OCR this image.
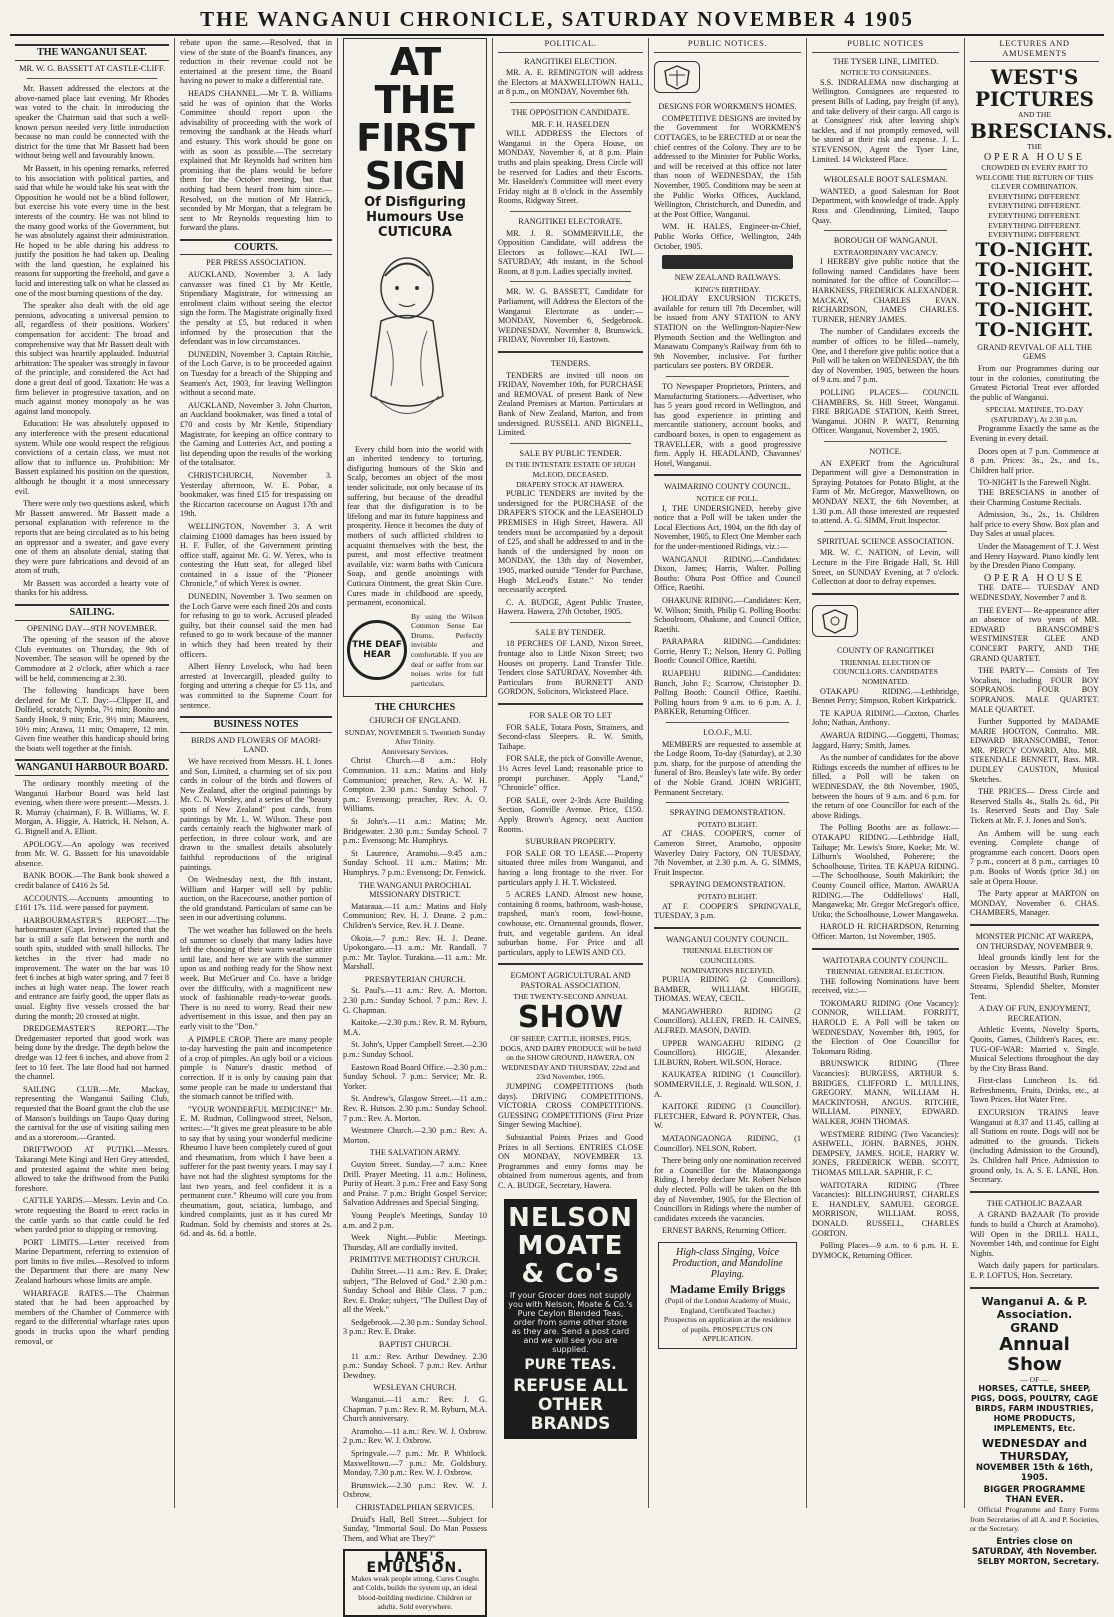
THE WANGANUI CHRONICLE, SATURDAY NOVEMBER 4 1905
THE WANGANUI SEAT.
MR. W. G. BASSETT AT CASTLE-CLIFF.

Mr. Bassett addressed the electors at the above-named place last evening. Mr Rhodes was voted to the chair. In introducing the speaker the Chairman said that such a well-known person needed very little introduction because no man could be connected with the district for the time that Mr Bassett had been without being well and favourably known.

Mr Bassett, in his opening remarks, referred to his association with political parties, and said that while he would take his seat with the Opposition he would not be a blind follower, but exercise his vote every time in the best interests of the country. He was not blind to the many good works of the Government, but he was absolutely against their administration. He hoped to be able during his address to justify the position he had taken up. Dealing with the land question, he explained his reasons for supporting the freehold, and gave a lucid and interesting talk on what he classed as one of the most burning questions of the day.

The speaker also dealt with the old age pensions, advocating a universal pension to all, regardless of their positions. Workers' compensation for accident: The broad and comprehensive way that Mr Bassett dealt with this subject was heartily applauded. Industrial arbitration: The speaker was strongly in favour of the principle, and considered the Act had done a great deal of good. Taxation: He was a firm believer in progressive taxation, and on much against money monopoly as he was against land monopoly.

Education: He was absolutely opposed to any interference with the present educational system. While one would respect the religious convictions of a certain class, we must not allow that to influence us. Prohibition: Mr Bassett explained his position on the question, although he thought it a most unnecessary evil.

There were only two questions asked, which Mr Bassett answered. Mr Bassett made a personal explanation with reference to the reports that are being circulated as to his being an oppressor and a sweater, and gave every one of them an absolute denial, stating that they were pure fabrications and devoid of an atom of truth.

Mr Bassett was accorded a hearty vote of thanks for his address.

SAILING.
OPENING DAY—9TH NOVEMBER.

The opening of the season of the above Club eventuates on Thursday, the 9th of November. The season will be opened by the Commodore at 2 o'clock, after which a race will be held, commencing at 2.30.

The following handicaps have been declared for Mr C.T. Day:—Clipper II, and Dolfield, scratch; Nymba, 7½ min; Bonito and Sandy Hook, 9 min; Eric, 9½ min; Maureen, 10½ min; Arawa, 11 min; Omapere, 12 min. Given fine weather this handicap should bring the boats well together at the finish.

WANGANUI HARBOUR BOARD.

The ordinary monthly meeting of the Wanganui Harbour Board was held last evening, when there were present:—Messrs. J. R. Murray (chairman), F. B. Williams, W. F. Morgan, A. Higgie, A. Hatrick, H. Nelson, A. G. Bignell and A. Elliott.

APOLOGY.—An apology was received from Mr. W. G. Bassett for his unavoidable absence.

BANK BOOK.—The Bank book showed a credit balance of £416 2s 5d.

ACCOUNTS.—Accounts amounting to £161 17s. 11d. were passed for payment.

HARBOURMASTER'S REPORT.—The harbourmaster (Capt. Irvine) reported that the bar is still a safe flat between the north and south spits, studded with small hillocks. The ketches in the river had made no improvement. The water on the bar was 10 feet 6 inches at high water spring, and 7 feet 8 inches at high water neap. The lower reach and entrance are fairly good, the upper flats as usual. Eighty five vessels crossed the bar during the month; 20 crossed at night.

DREDGEMASTER'S REPORT.—The Dredgemaster reported that good work was being done by the dredge. The depth below the dredge was 12 feet 6 inches, and above from 2 feet to 10 feet. The late flood had not harmed the channel.

SAILING CLUB.—Mr. Mackay, representing the Wanganui Sailing Club, requested that the Board grant the club the use of Manson's buildings on Taupo Quay during the carnival for the use of visiting sailing men and as a storeroom.—Granted.

DRIFTWOOD AT PUTIKI.—Messrs. Takarangi Mete Kingi and Heri Grey attended, and protested against the white men being allowed to take the driftwood from the Putiki foreshore.

CATTLE YARDS.—Messrs. Levin and Co. wrote requesting the Board to erect racks in the cattle yards so that cattle could be fed when yarded prior to shipping or removing.

PORT LIMITS.—Letter received from Marine Department, referring to extension of port limits to five miles.—Resolved to inform the Department that there are many New Zealand harbours whose limits are ample.

WHARFAGE RATES.—The Chairman stated that he had been approached by members of the Chamber of Commerce with regard to the differential wharfage rates upon goods in trucks upon the wharf pending removal, or

rebate upon the same.—Resolved, that in view of the state of the Board's finances, any reduction in their revenue could not be entertained at the present time, the Board having no power to make a differential rate.

HEADS CHANNEL.—Mr T. B. Williams said he was of opinion that the Works Committee should report upon the advisability of proceeding with the work of removing the sandbank at the Heads wharf and estuary. This work should be gone on with as soon as possible.—The secretary explained that Mr Reynolds had written him promising that the plans would be before them for the October meeting, but that nothing had been heard from him since.—Resolved, on the motion of Mr Hatrick, seconded by Mr Morgan, that a telegram be sent to Mr Reynolds requesting him to forward the plans.

COURTS.
PER PRESS ASSOCIATION.

AUCKLAND, November 3. A lady canvasser was fined £1 by Mr Kettle, Stipendiary Magistrate, for witnessing an enrolment claim without seeing the elector sign the form. The Magistrate originally fixed the penalty at £5, but reduced it when informed by the prosecution that the defendant was in low circumstances.

DUNEDIN, November 3. Captain Ritchie, of the Loch Garve, is to be proceeded against on Tuesday for a breach of the Shipping and Seamen's Act, 1903, for leaving Wellington without a second mate.

AUCKLAND, November 3. John Churton, an Auckland bookmaker, was fined a total of £70 and costs by Mr Kettle, Stipendiary Magistrate, for keeping an office contrary to the Gaming and Lotteries Act, and posting a list depending upon the results of the working of the totalisator.

CHRISTCHURCH, November 3. Yesterday afternoon, W. E. Pobar, a bookmaker, was fined £15 for trespassing on the Riccarton racecourse on August 17th and 19th.

WELLINGTON, November 3. A writ claiming £1000 damages has been issued by H. F. Fuller, of the Government printing office staff, against Mr. G. W. Yerex, who is contesting the Hutt seat, for alleged libel contained in a issue of the "Pioneer Chronicle," of which Yerex is owner.

DUNEDIN, November 3. Two seamen on the Loch Garve were each fined 20s and costs for refusing to go to work. Accused pleaded guilty, but their counsel said the men had refused to go to work because of the manner in which they had been treated by their officers.

Albert Henry Lovelock, who had been arrested at Invercargill, pleaded guilty to forging and uttering a cheque for £5 11s, and was committed to the Supreme Court for sentence.

BUSINESS NOTES
BIRDS AND FLOWERS OF MAORI-LAND.

We have received from Messrs. H. I. Jones and Son, Limited, a charming set of six post cards in colour of the birds and flowers of New Zealand, after the original paintings by Mr. C. N. Worsley, and a series of the "beauty spots of New Zealand" post cards, from paintings by Mr. L. W. Wilson. These post cards certainly reach the highwater mark of perfection, in three colour work, and are drawn to the smallest details absolutely faithful reproductions of the original paintings.

On Wednesday next, the 8th instant, William and Harper will sell by public auction, on the Racecourse, another portion of the old grandstand. Particulars of same can be seen in our advertising columns.

The wet weather has followed on the heels of summer so closely that many ladies have left the choosing of their warm weather attire until late, and here we are with the summer upon us and nothing ready for the Show next week. But McGruer and Co. have a bridge over the difficulty, with a magnificent new stock of fashionable ready-to-wear goods. There is no need to worry. Read their new advertisement in this issue, and then pay an early visit to the "Don."

A PIMPLE CROP. There are many people to-day harvesting the pain and incompetence of a crop of pimples. An ugly boil or a vicious pimple is Nature's drastic method of correction. If it is only by causing pain that some people can be made to understand that the stomach cannot be trifled with.

"YOUR WONDERFUL MEDICINE!" Mr. E. M. Rudman, Collingwood street, Nelson, writes:—"It gives me great pleasure to be able to say that by using your wonderful medicine Rheumo I have been completely cured of gout and rheumatism, from which I have been a sufferer for the past twenty years. I may say I have not had the slightest symptoms for the last two years, and feel confident it is a permanent cure." Rheumo will cure you from rheumatism, gout, sciatica, lumbago, and kindred complaints, just as it has cured Mr Rudman. Sold by chemists and stores at 2s. 6d. and 4s. 6d. a bottle.

AT THE FIRST SIGN
Of Disfiguring Humours Use CUTICURA

Every child born into the world with an inherited tendency to torturing, disfiguring humours of the Skin and Scalp, becomes an object of the most tender solicitude, not only because of its suffering, but because of the dreadful fear that the disfiguration is to be lifelong and mar its future happiness and prosperity. Hence it becomes the duty of mothers of such afflicted children to acquaint themselves with the best, the purest, and most effective treatment available, viz: warm baths with Cuticura Soap, and gentle anointings with Cuticura Ointment, the great Skin Cure. Cures made in childhood are speedy, permanent, economical.

THE DEAF HEAR
By using the Wilson Common Sense Ear Drums. Perfectly invisible and comfortable. If you are deaf or suffer from ear noises write for full particulars.
THE CHURCHES
CHURCH OF ENGLAND.
SUNDAY, NOVEMBER 5. Twentieth Sunday After Trinity.
Anniversary Services.

Christ Church.—8 a.m.: Holy Communion. 11 a.m.: Matins and Holy Communion; preacher, Rev. A. W. H. Compton. 2.30 p.m.: Sunday School. 7 p.m.: Evensong; preacher, Rev. A. O. Williams.

St John's.—11 a.m.: Matins; Mr. Bridgewater. 2.30 p.m.: Sunday School. 7 p.m.: Evensong; Mr. Humphrys.

St Laurence, Aramoho.—9.45 a.m.: Sunday School. 11 a.m.: Matins; Mr. Humphrys. 7 p.m.: Evensong; Dr. Fenwick.

THE WANGANUI PAROCHIAL MISSIONARY DISTRICT.

Mataraua.—11 a.m.: Matins and Holy Communion; Rev. H. J. Deane. 2 p.m.: Children's Service, Rev. H. J. Deane.

Okoia.—7 p.m.: Rev. H. J. Deane. Upokongaro.—11 a.m.: Mr. Randall. 7 p.m.: Mr. Taylor. Turakina.—11 a.m.: Mr. Marshall.

PRESBYTERIAN CHURCH.

St. Paul's.—11 a.m.: Rev. A. Morton. 2.30 p.m.: Sunday School. 7 p.m.: Rev. J. G. Chapman.

Kaitoke.—2.30 p.m.: Rev. R. M. Ryburn, M.A.

St. John's, Upper Campbell Street.—2.30 p.m.: Sunday School.

Eastown Road Board Office.—2.30 p.m.: Sunday School. 7 p.m.: Service; Mr. R. Yorker.

St. Andrew's, Glasgow Street.—11 a.m.: Rev. R. Hutson. 2.30 p.m.: Sunday School. 7 p.m.: Rev. A. Morton.

Westmere Church.—2.30 p.m.: Rev. A. Morton.

THE SALVATION ARMY.

Guyton Street. Sunday.—7 a.m.: Knee Drill. Prayer Meeting. 11 a.m.: Holiness, Purity of Heart. 3 p.m.: Free and Easy Song and Praise. 7 p.m.: Bright Gospel Service; Salvation Addresses and Special Singing.

Young People's Meetings, Sunday 10 a.m. and 2 p.m.

Week Night.—Public Meetings. Thursday, All are cordially invited.

PRIMITIVE METHODIST CHURCH.

Dublin Street.—11 a.m.: Rev. E. Drake; subject, "The Beloved of God." 2.30 p.m.: Sunday School and Bible Class. 7 p.m.: Rev. E. Drake; subject, "The Dullest Day of all the Week."

Sedgebrook.—2.30 p.m.: Sunday School. 3 p.m.: Rev. E. Drake.

BAPTIST CHURCH.

11 a.m.: Rev. Arthur Dewdney. 2.30 p.m.: Sunday School. 7 p.m.: Rev. Arthur Dewdney.

WESLEYAN CHURCH.

Wanganui.—11 a.m.: Rev. J. G. Chapman. 7 p.m.: Rev. R. M. Ryburn, M.A. Church anniversary.

Aramoho.—11 a.m.: Rev. W. J. Oxbrow. 2 p.m.: Rev. W. J. Oxbrow.

Springvale.—7 p.m.: Mr. P. Whitlock. Maxwelltown.—7 p.m.: Mr. Goldsbury. Monday, 7.30 p.m.: Rev. W. J. Oxbrow.

Brunswick.—2.30 p.m.: Rev. W. J. Oxbrow.

CHRISTADELPHIAN SERVICES.

Druid's Hall, Bell Street.—Subject for Sunday, "Immortal Soul. Do Man Possess Them, and What are They?"

LANE'S EMULSION.
Makes weak people strong. Cures Coughs and Colds, builds the system up, an ideal blood-building medicine. Children or adults. Sold everywhere.
POLITICAL.
RANGITIKEI ELECTION.

MR. A. E. REMINGTON will address the Electors at MAXWELLTOWN HALL, at 8 p.m., on MONDAY, November 6th.

THE OPPOSITION CANDIDATE.
MR. F. H. HASELDEN

WILL ADDRESS the Electors of Wanganui in the Opera House, on MONDAY, November 6, at 8 p.m. Plain truths and plain speaking. Dress Circle will be reserved for Ladies and their Escorts. Mr. Haselden's Committee will meet every Friday night at 8 o'clock in the Assembly Rooms, Ridgway Street.

RANGITIKEI ELECTORATE.

MR. J. R. SOMMERVILLE, the Opposition Candidate, will address the Electors as follows:—KAI IWI.—SATURDAY, 4th instant, in the School Room, at 8 p.m. Ladies specially invited.

MR. W. G. BASSETT, Candidate for Parliament, will Address the Electors of the Wanganui Electorate as under:—MONDAY, November 6, Sedgebrook. WEDNESDAY, November 8, Brunswick. FRIDAY, November 10, Eastown.

TENDERS.

TENDERS are invited till noon on FRIDAY, November 10th, for PURCHASE and REMOVAL of present Bank of New Zealand Premises at Marton. Particulars at Bank of New Zealand, Marton, and from undersigned. RUSSELL AND BIGNELL, Limited.

SALE BY PUBLIC TENDER.
IN THE INTESTATE ESTATE OF HUGH McLEOD, DECEASED.
DRAPERY STOCK AT HAWERA.

PUBLIC TENDERS are invited by the undersigned for the PURCHASE of the DRAPER'S STOCK and the LEASEHOLD PREMISES in High Street, Hawera. All tenders must be accompanied by a deposit of £25, and shall be addressed to and in the hands of the undersigned by noon on MONDAY, the 13th day of November, 1905, marked outside "Tender for Purchase, Hugh McLeod's Estate." No tender necessarily accepted.

C. A. BUDGE, Agent Public Trustee, Hawera. Hawera, 27th October, 1905.

SALE BY TENDER.

18 PERCHES OF LAND, Nixon Street, frontage also to Little Nixon Street; two Houses on property. Land Transfer Title. Tenders close SATURDAY, November 4th. Particulars from BURNETT AND GORDON, Solicitors, Wicksteed Place.

FOR SALE OR TO LET

FOR SALE, Totara Posts, Strainers, and Second-class Sleepers. R. W. Smith, Taihape.

FOR SALE, the pick of Gonville Avenue, 1½ Acres level Land; reasonable price to prompt purchaser. Apply "Land," "Chronicle" office.

FOR SALE, over 2-3rds Acre Building Section, Gonville Avenue. Price, £150. Apply Brown's Agency, next Auction Rooms.

SUBURBAN PROPERTY.

FOR SALE OR TO LEASE.—Property situated three miles from Wanganui, and having a long frontage to the river. For particulars apply J. H. T. Wicksteed.

5 ACRES LAND. Almost new house, containing 8 rooms, bathroom, wash-house, trapshed, man's room, fowl-house, cowhouse, etc. Ornamental grounds, flower, fruit, and vegetable gardens. An ideal suburban home. For Price and all particulars, apply to LEWIS AND CO.

EGMONT AGRICULTURAL AND PASTORAL ASSOCIATION.
THE TWENTY-SECOND ANNUAL
SHOW
OF SHEEP, CATTLE, HORSES, PIGS, DOGS, AND DAIRY PRODUCE will be held on the SHOW GROUND, HAWERA, ON WEDNESDAY AND THURSDAY, 22nd and 23rd November, 1905.

JUMPING COMPETITIONS (both days). DRIVING COMPETITIONS. VICTORIA CROSS COMPETITIONS. GUESSING COMPETITIONS (First Prize Singer Sewing Machine).

Substantial Points Prizes and Good Prizes in all Sections. ENTRIES CLOSE ON MONDAY, NOVEMBER 13. Programmes and entry forms may be obtained from numerous agents, and from C. A. BUDGE, Secretary, Hawera.

NELSON MOATE & Co's
If your Grocer does not supply you with Nelson, Moate & Co.'s Pure Ceylon Blended Teas, order from some other store as they are. Send a post card and we will see you are supplied.
PURE TEAS.
REFUSE ALL OTHER BRANDS
PUBLIC NOTICES.
DESIGNS FOR WORKMEN'S HOMES.

COMPETITIVE DESIGNS are invited by the Government for WORKMEN'S COTTAGES, to be ERECTED at or near the chief centres of the Colony. They are to be addressed to the Minister for Public Works, and will be received at this office not later than noon of WEDNESDAY, the 15th November, 1905. Conditions may be seen at the Public Works Offices, Auckland, Wellington, Christchurch, and Dunedin, and at the Post Office, Wanganui.

WM. H. HALES, Engineer-in-Chief, Public Works Office, Wellington, 24th October, 1905.

NEW ZEALAND RAILWAYS.
KING'S BIRTHDAY.

HOLIDAY EXCURSION TICKETS, available for return till 7th December, will be issued from ANY STATION to ANY STATION on the Wellington-Napier-New Plymouth Section and the Wellington and Manawatu Company's Railway from 6th to 9th November, inclusive. For further particulars see posters. BY ORDER.

TO Newspaper Proprietors, Printers, and Manufacturing Stationers.—Advertiser, who has 5 years good record in Wellington, and has good experience in printing and mercantile stationery, account books, and cardboard boxes, is open to engagement as TRAVELLER, with a good progressive firm. Apply H. HEADLAND, Chavannes' Hotel, Wanganui.

WAIMARINO COUNTY COUNCIL.
NOTICE OF POLL.

I, THE UNDERSIGNED, hereby give notice that a Poll will be taken under the Local Elections Act, 1904, on the 8th day of November, 1905, to Elect One Member each for the under-mentioned Ridings, viz.:—

WANGANUI RIDING.—Candidates: Dixon, James; Harris, Walter. Polling Booths: Ohura Post Office and Council Office, Raetihi.

OHAKUNE RIDING.—Candidates: Kerr, W. Wilson; Smith, Philip G. Polling Booths: Schoolroom, Ohakune, and Council Office, Raetihi.

PARAPARA RIDING.—Candidates: Corrie, Henry T.; Nelson, Henry G. Polling Booth: Council Office, Raetihi.

RUAPEHU RIDING.—Candidates: Bunch, John F.; Scarrow, Christopher D. Polling Booth: Council Office, Raetihi. Polling hours from 9 a.m. to 6 p.m. A. J. PARKER, Returning Officer.

I.O.O.F., M.U.

MEMBERS are requested to assemble at the Lodge Room, To-day (Saturday), at 2.30 p.m. sharp, for the purpose of attending the funeral of Bro. Beasley's late wife. By order of the Noble Grand. JOHN WRIGHT, Permanent Secretary.

SPRAYING DEMONSTRATION.
POTATO BLIGHT.

AT CHAS. COOPER'S, corner of Cameron Street, Aramoho, opposite Waverley Dairy Factory, ON TUESDAY, 7th November, at 2.30 p.m. A. G. SIMMS, Fruit Inspector.

SPRAYING DEMONSTRATION.
POTATO BLIGHT.

AT F. COOPER'S SPRINGVALE, TUESDAY, 3 p.m.

WANGANUI COUNTY COUNCIL.
TRIENNIAL ELECTION OF COUNCILLORS.
NOMINATIONS RECEIVED.

PURUA RIDING (2 Councillors). BAMBER, WILLIAM. HIGGIE, THOMAS. WEAY, CECIL.

MANGAWHERO RIDING (2 Councillors). ALLEN, FRED. H. CAINES, ALFRED. MASON, DAVID.

UPPER WANGAEHU RIDING (2 Councillors). HIGGIE, Alexander. LILBURN, Robert. WILSON, Horace.

KAUKATEA RIDING (1 Councillor). SOMMERVILLE, J. Reginald. WILSON, J. A.

KAITOKE RIDING (1 Councillor). FLETCHER, Edward R. POYNTER, Chas. W.

MATAONGAONGA RIDING, (1 Councillor). NELSON, Robert.

There being only one nomination received for a Councillor for the Mataongaonga Riding, I hereby declare Mr. Robert Nelson duly elected. Polls will be taken on the 8th day of November, 1905, for the Election of Councillors in Ridings where the number of candidates exceeds the vacancies.

ERNEST BARNS, Returning Officer.

High-class Singing, Voice Production, and Mandoline Playing.
Madame Emily Briggs
(Pupil of the London Academy of Music, England, Certificated Teacher.) Prospectus on application at the residence of pupils. PROSPECTUS ON APPLICATION.
PUBLIC NOTICES
THE TYSER LINE, LIMITED.
NOTICE TO CONSIGNEES.

S.S. INDRALEMA now discharging at Wellington. Consignees are requested to present Bills of Lading, pay freight (if any), and take delivery of their cargo. All cargo is at Consignees' risk after leaving ship's tackles, and if not promptly removed, will be stored at their risk and expense. J. L. STEVENSON, Agent the Tyser Line, Limited. 14 Wicksteed Place.

WHOLESALE BOOT SALESMAN.

WANTED, a good Salesman for Boot Department, with knowledge of trade. Apply Ross and Glendinning, Limited, Taupo Quay.

BOROUGH OF WANGANUI.
EXTRAORDINARY VACANCY.

I HEREBY give public notice that the following named Candidates have been nominated for the office of Councillor:— HARKNESS, FREDERICK ALEXANDER. MACKAY, CHARLES EVAN. RICHARDSON, JAMES CHARLES. TURNER, HENRY JAMES.

The number of Candidates exceeds the number of offices to be filled—namely, One, and I therefore give public notice that a Poll will be taken on WEDNESDAY, the 8th day of November, 1905, between the hours of 9 a.m. and 7 p.m.

POLLING PLACES— COUNCIL CHAMBERS, St. Hill Street, Wanganui. FIRE BRIGADE STATION, Keith Street, Wanganui. JOHN P. WATT, Returning Officer. Wanganui, November 2, 1905.

NOTICE.

AN EXPERT from the Agricultural Department will give a Demonstration in Spraying Potatoes for Potato Blight, at the Farm of Mr. McGregor, Maxwelltown, on MONDAY NEXT, the 6th November, at 1.30 p.m. All those interested are requested to attend. A. G. SIMM, Fruit Inspector.

SPIRITUAL SCIENCE ASSOCIATION.

MR. W. C. NATION, of Levin, will Lecture in the Fire Brigade Hall, St. Hill Street, on SUNDAY Evening, at 7 o'clock. Collection at door to defray expenses.

COUNTY OF RANGITIKEI
TRIENNIAL ELECTION OF COUNCILLORS. CANDIDATES NOMINATED.

OTAKAPU RIDING.—Lethbridge, Bennet Perry; Simpson, Robert Kirkpatrick.

TE KAPUA RIDING.—Caxton, Charles John; Nathan, Anthony.

AWARUA RIDING.—Goggetti, Thomas; Jaggard, Harry; Smith, James.

As the number of candidates for the above Ridings exceeds the number of offices to be filled, a Poll will be taken on WEDNESDAY, the 8th November, 1905, between the hours of 9 a.m. and 6 p.m. for the return of one Councillor for each of the above Ridings.

The Polling Booths are as follows:—OTAKAPU RIDING.—Lethbridge Hall, Taihape; Mr. Lewis's Store, Koeke; Mr. W. Lilburn's Woolshed, Poherere; the Schoolhouse, Tiritea. TE KAPUA RIDING.—The Schoolhouse, South Makirikiri; the County Council office, Marton. AWARUA RIDING.—The Oddfellows' Hall, Mangaweka; Mr. Gregor McGregor's office, Utiku; the Schoolhouse, Lower Mangaweka.

HAROLD H. RICHARDSON, Returning Officer. Marton, 1st November, 1905.

WAITOTARA COUNTY COUNCIL.
TRIENNIAL GENERAL ELECTION.

THE following Nominations have been received, viz.:—

TOKOMARU RIDING (One Vacancy): CONNOR, WILLIAM. FORRITT, HAROLD E. A Poll will be taken on WEDNESDAY, November 8th, 1905, for the Election of One Councillor for Tokomaru Riding.

BRUNSWICK RIDING (Three Vacancies): BURGESS, ARTHUR S. BRIDGES, CLIFFORD L. MULLINS, GREGORY. MANN, WILLIAM H. MACKINTOSH, ANGUS. RITCHIE, WILLIAM. PINNEY, EDWARD. WALKER, JOHN THOMAS.

WESTMERE RIDING (Two Vacancies): ASHWELL, JOHN. BARNES, JOHN. DEMPSEY, JAMES. HOLE, HARRY W. JONES, FREDERICK WEBB. SCOTT, THOMAS MILLAR. SAPHIR, F. C.

WAITOTARA RIDING (Three Vacancies): BILLINGHURST, CHARLES E. HANDLEY, SAMUEL GEORGE. MORRISON, WILLIAM. ROSS, DONALD. RUSSELL, CHARLES GORTON.

Polling Places—9 a.m. to 6 p.m. H. E. DYMOCK, Returning Officer.

LECTURES AND AMUSEMENTS
WEST'S
PICTURES
AND THE
BRESCIANS.
THE
OPERA HOUSE
CROWDED IN EVERY PART TO WELCOME THE RETURN OF THIS CLEVER COMBINATION.
EVERYTHING DIFFERENT.
EVERYTHING DIFFERENT.
EVERYTHING DIFFERENT.
EVERYTHING DIFFERENT.
EVERYTHING DIFFERENT.
TO-NIGHT.
TO-NIGHT.
TO-NIGHT.
TO-NIGHT.
TO-NIGHT.
GRAND REVIVAL OF ALL THE GEMS

From our Programmes during our tour in the colonies, constituting the Greatest Pictorial Treat ever afforded the public of Wanganui.

SPECIAL MATINEE, TO-DAY (SATURDAY), At 2.30 p.m.

Programme Exactly the same as the Evening in every detail.

Doors open at 7 p.m. Commence at 8 p.m. Prices: 3s., 2s., and 1s., Children half price.

TO-NIGHT Is the Farewell Night.

THE BRESCIANS in another of their Charming Costume Recitals.

Admission, 3s., 2s., 1s. Children half price to every Show. Box plan and Day Sales at usual places.

Under the Management of T. J. West and Henry Hayward. Piano kindly lent by the Dresden Piano Company.

OPERA HOUSE

THE DATE— TUESDAY AND WEDNESDAY, November 7 and 8.

THE EVENT— Re-appearance after an absence of two years of MR. EDWARD BRANSCOMBE'S WESTMINSTER GLEE AND CONCERT PARTY, AND THE GRAND QUARTET.

THE PARTY— Consists of Ten Vocalists, including FOUR BOY SOPRANOS. FOUR BOY SOPRANOS. MALE QUARTET. MALE QUARTET.

Further Supported by MADAME MARIE HOOTON, Contralto. MR. EDWARD BRANSCOMBE, Tenor. MR. PERCY COWARD, Alto. MR. STEENDALE BENNETT, Bass. MR. DUDLEY CAUSTON, Musical Sketches.

THE PRICES— Dress Circle and Reserved Stalls 4s., Stalls 2s. 6d., Pit 1s. Reserved Seats and Day Sale Tickets at Mr. F. J. Jones and Son's.

An Anthem will be sung each evening. Complete change of programme each concert. Doors open 7 p.m., concert at 8 p.m., carriages 10 p.m. Books of Words (price 3d.) on sale at Opera House.

The Party appear at MARTON on MONDAY, November 6. CHAS. CHAMBERS, Manager.

MONSTER PICNIC AT WAREPA, ON THURSDAY, NOVEMBER 9.

Ideal grounds kindly lent for the occasion by Messrs. Parker Bros. Green Fields, Beautiful Bush, Running Streams, Splendid Shelter, Monster Tent.

A DAY OF FUN, ENJOYMENT, RECREATION.

Athletic Events, Novelty Sports, Quoits, Games, Children's Races, etc. TUG-OF-WAR: Married v. Single. Musical Selections throughout the day by the City Brass Band.

First-class Luncheon 1s. 6d. Refreshments, Fruits, Drinks, etc., at Town Prices. Hot Water Free.

EXCURSION TRAINS leave Wanganui at 8.37 and 11.45, calling at all Stations en route. Dogs will not be admitted to the grounds. Tickets (including Admission to the Ground), 2s. Children half Price. Admission to ground only, 1s. A. S. E. LANE, Hon. Secretary.

THE CATHOLIC BAZAAR

A GRAND BAZAAR (To provide funds to build a Church at Aramoho). Will Open in the DRILL HALL, November 14th, and continue for Eight Nights.

Watch daily papers for particulars. E. P. LOFTUS, Hon. Secretary.

Wanganui A. & P. Association.
GRAND
Annual Show
— OF —
HORSES, CATTLE, SHEEP, PIGS, DOGS, POULTRY, CAGE BIRDS, FARM INDUSTRIES, HOME PRODUCTS, IMPLEMENTS, Etc.
WEDNESDAY and THURSDAY,
NOVEMBER 15th & 16th, 1905.
BIGGER PROGRAMME THAN EVER.

Official Programme and Entry Forms from Secretaries of all A. and P. Societies, or the Secretary.

Entries close on SATURDAY, 4th November.
SELBY MORTON, Secretary.
